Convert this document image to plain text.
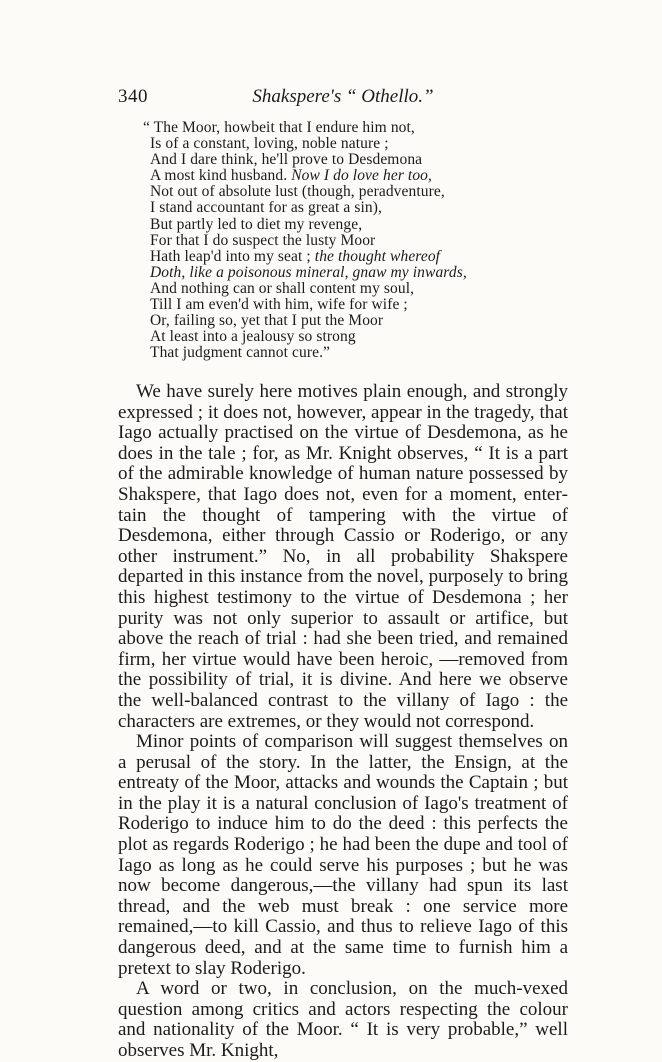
340	Shakspere's “ Othello.”
“ The Moor, howbeit that I endure him not,
Is of a constant, loving, noble nature ;
And I dare think, he'll prove to Desdemona
A most kind husband. Now I do love her too,
Not out of absolute lust (though, peradventure,
I stand accountant for as great a sin),
But partly led to diet my revenge,
For that I do suspect the lusty Moor
Hath leap'd into my seat ; the thought whereof
Doth, like a poisonous mineral, gnaw my inwards,
And nothing can or shall content my soul,
Till I am even'd with him, wife for wife ;
Or, failing so, yet that I put the Moor
At least into a jealousy so strong
That judgment cannot cure.”

We have surely here motives plain enough, and strongly expressed ; it does not, however, appear in the tragedy, that Iago actually practised on the virtue of Desdemona, as he does in the tale ; for, as Mr. Knight observes, “ It is a part of the admirable knowledge of human nature possessed by Shakspere, that Iago does not, even for a moment, entertain the thought of tampering with the virtue of Desdemona, either through Cassio or Roderigo, or any other instrument.” No, in all probability Shakspere departed in this instance from the novel, purposely to bring this highest testimony to the virtue of Desdemona ; her purity was not only superior to assault or artifice, but above the reach of trial : had she been tried, and remained firm, her virtue would have been heroic, —removed from the possibility of trial, it is divine. And here we observe the well-balanced contrast to the villany of Iago : the characters are extremes, or they would not correspond.

Minor points of comparison will suggest themselves on a perusal of the story. In the latter, the Ensign, at the entreaty of the Moor, attacks and wounds the Captain ; but in the play it is a natural conclusion of Iago's treatment of Roderigo to induce him to do the deed : this perfects the plot as regards Roderigo ; he had been the dupe and tool of Iago as long as he could serve his purposes ; but he was now become dangerous,—the villany had spun its last thread, and the web must break : one service more remained,—to kill Cassio, and thus to relieve Iago of this dangerous deed, and at the same time to furnish him a pretext to slay Roderigo.

A word or two, in conclusion, on the much-vexed question among critics and actors respecting the colour and nationality of the Moor. “ It is very probable,” well observes Mr. Knight,
